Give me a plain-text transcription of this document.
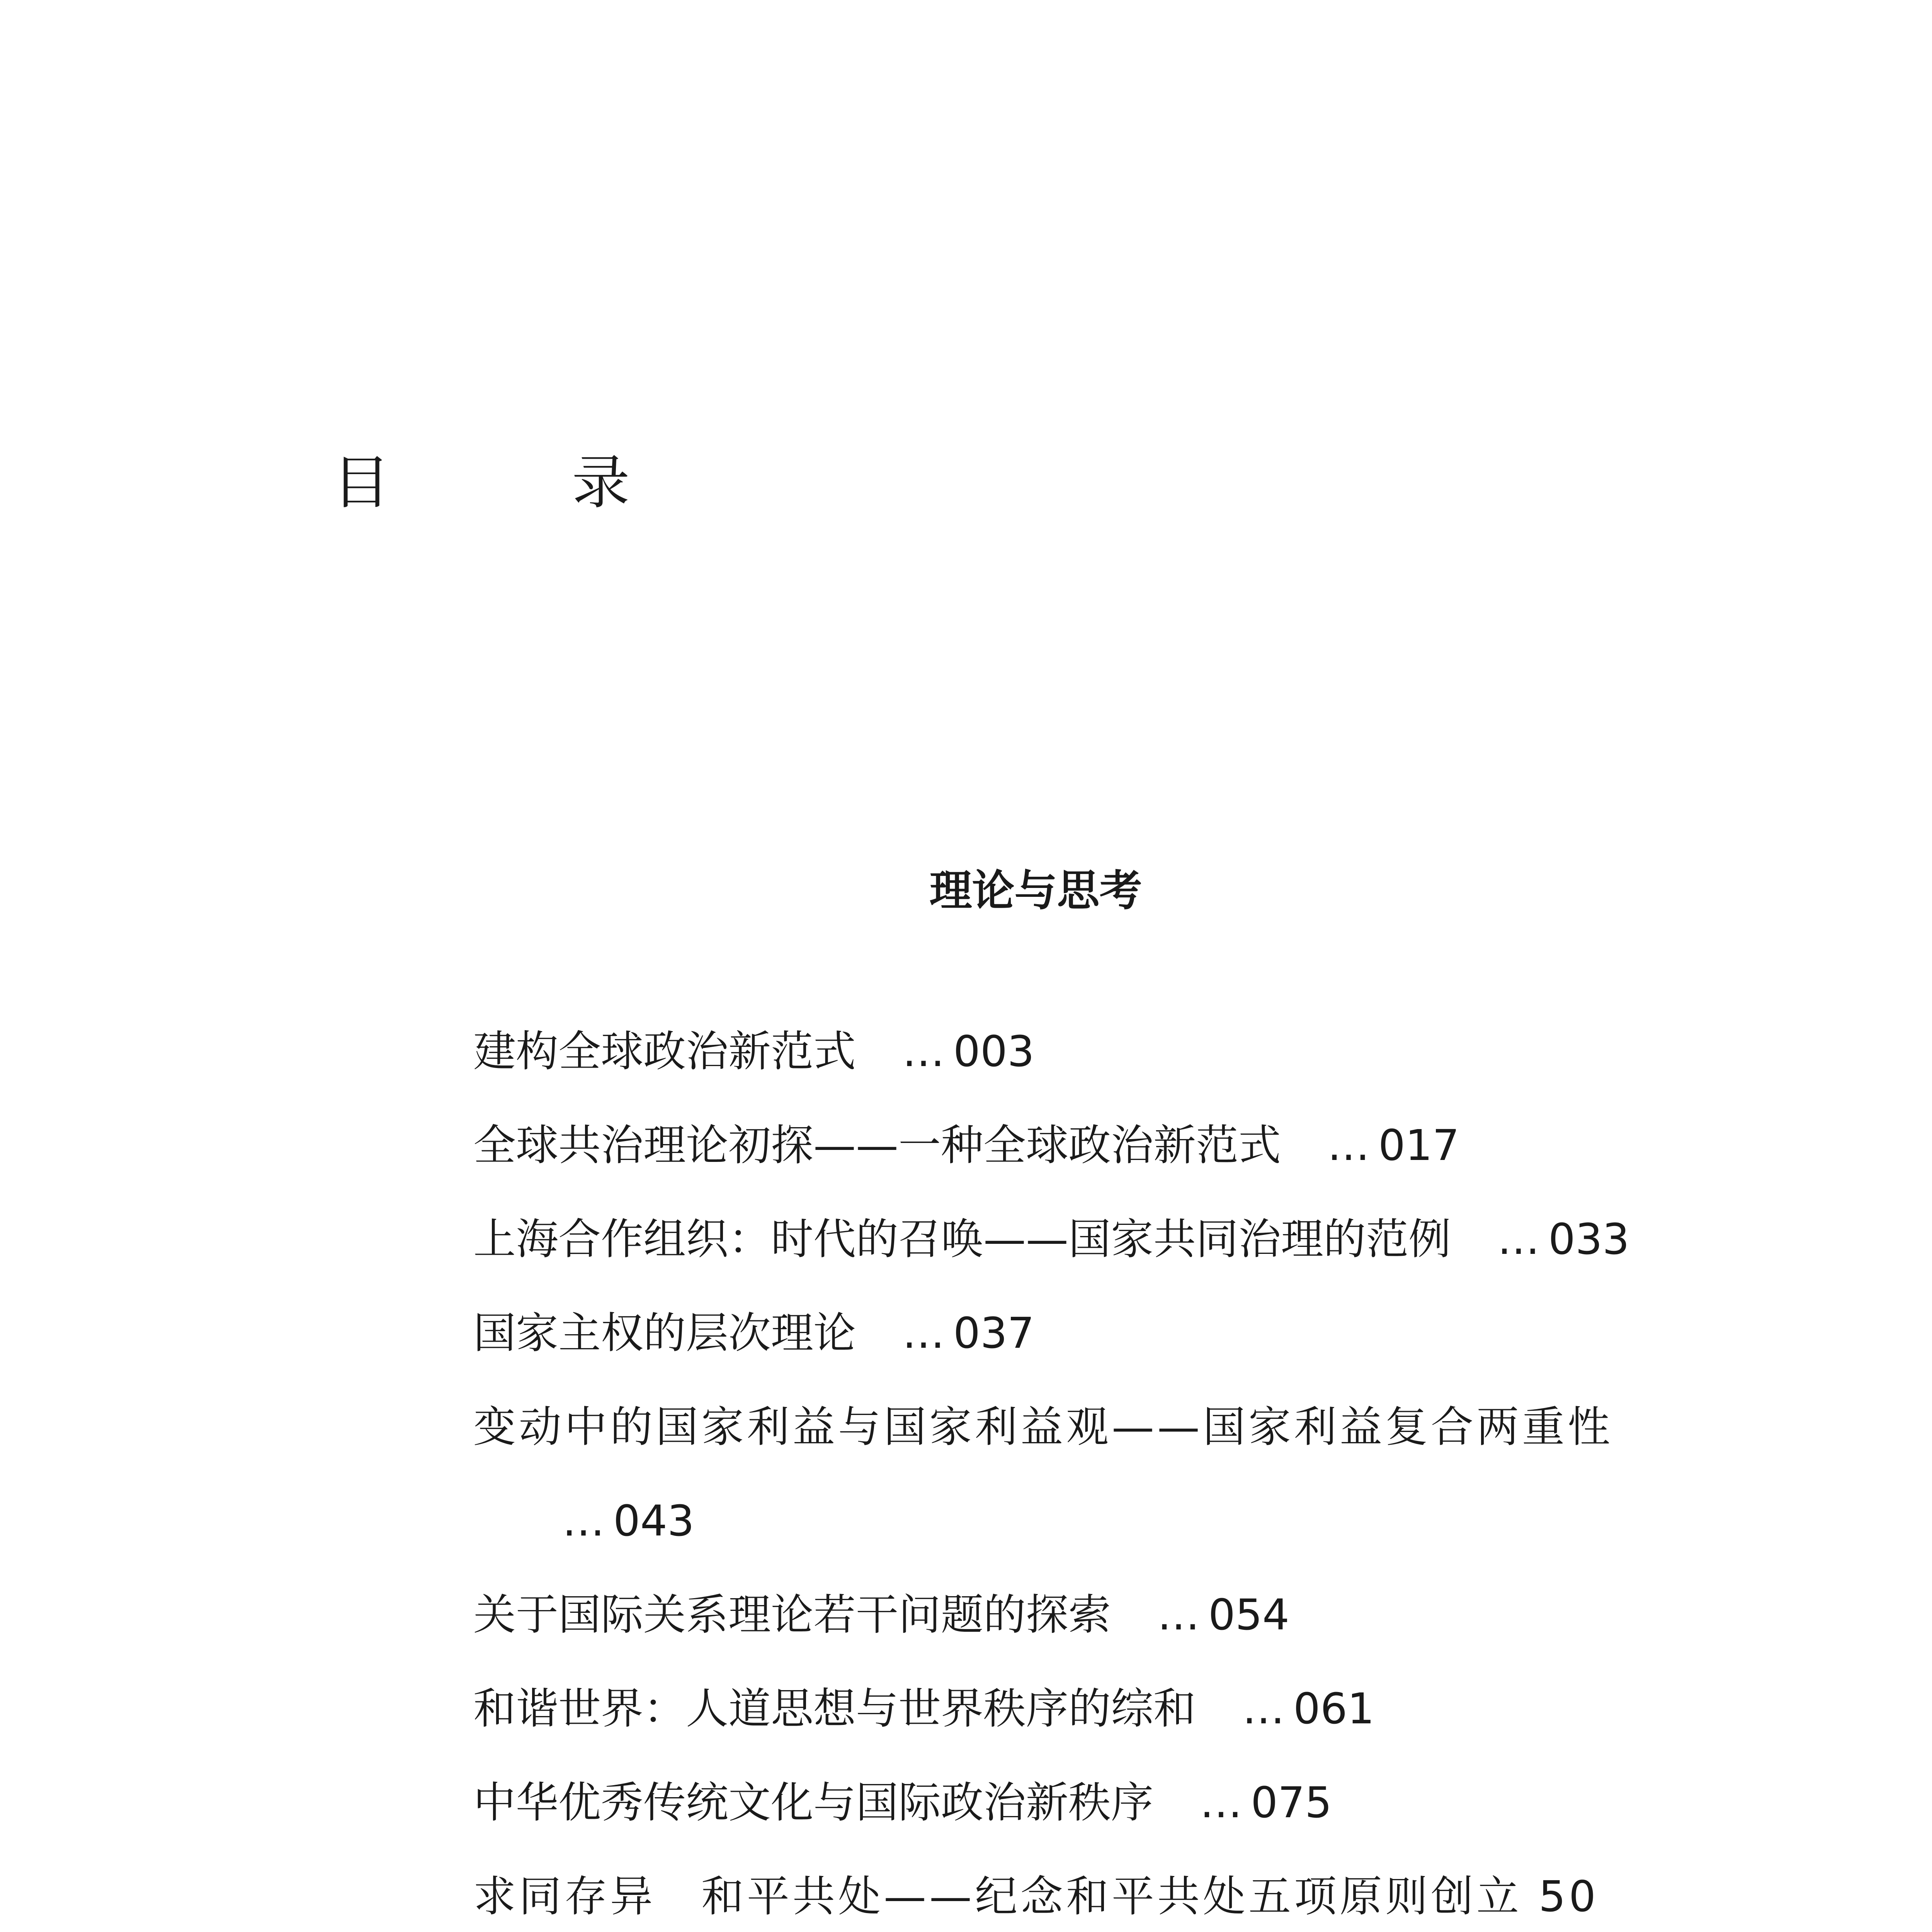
目　录
理论与思考
建构全球政治新范式 … 003
全球共治理论初探——一种全球政治新范式 … 017
上海合作组织：时代的召唤——国家共同治理的范例 … 033
国家主权的层次理论 … 037
变动中的国家利益与国家利益观——国家利益复合两重性
… 043
关于国际关系理论若干问题的探索 … 054
和谐世界：人道思想与世界秩序的综和 … 061
中华优秀传统文化与国际政治新秩序 … 075
求同存异　和平共处——纪念和平共处五项原则创立 50
